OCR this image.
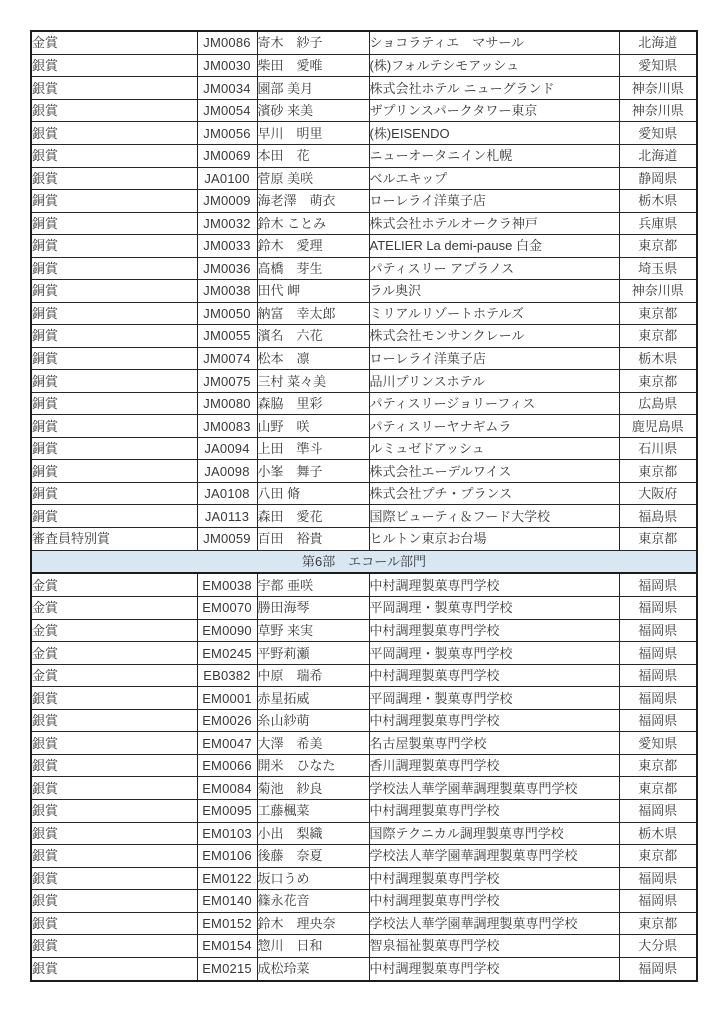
金賞	JM0086	寄木　紗子	ショコラティエ　マサール	北海道
銀賞	JM0030	柴田　愛唯	(株)フォルテシモアッシュ	愛知県
銀賞	JM0034	園部 美月	株式会社ホテル ニューグランド	神奈川県
銀賞	JM0054	濱砂 来美	ザプリンスパークタワー東京	神奈川県
銀賞	JM0056	早川　明里	(株)EISENDO	愛知県
銀賞	JM0069	本田　花	ニューオータニイン札幌	北海道
銀賞	JA0100	菅原 美咲	ベルエキップ	静岡県
銅賞	JM0009	海老澤　萌衣	ローレライ洋菓子店	栃木県
銅賞	JM0032	鈴木 ことみ	株式会社ホテルオークラ神戸	兵庫県
銅賞	JM0033	鈴木　愛理	ATELIER La demi-pause 白金	東京都
銅賞	JM0036	高橋　芽生	パティスリー アプラノス	埼玉県
銅賞	JM0038	田代 岬	ラル奥沢	神奈川県
銅賞	JM0050	納富　幸太郎	ミリアルリゾートホテルズ	東京都
銅賞	JM0055	濱名　六花	株式会社モンサンクレール	東京都
銅賞	JM0074	松本　凛	ローレライ洋菓子店	栃木県
銅賞	JM0075	三村 菜々美	品川プリンスホテル	東京都
銅賞	JM0080	森脇　里彩	パティスリージョリーフィス	広島県
銅賞	JM0083	山野　咲	パティスリーヤナギムラ	鹿児島県
銅賞	JA0094	上田　準斗	ルミュゼドアッシュ	石川県
銅賞	JA0098	小峯　舞子	株式会社エーデルワイス	東京都
銅賞	JA0108	八田 脩	株式会社プチ・プランス	大阪府
銅賞	JA0113	森田　愛花	国際ビューティ＆フード大学校	福島県
審査員特別賞	JM0059	百田　裕貴	ヒルトン東京お台場	東京都
第6部　エコール部門				
金賞	EM0038	宇都 亜咲	中村調理製菓専門学校	福岡県
金賞	EM0070	勝田海琴	平岡調理・製菓専門学校	福岡県
金賞	EM0090	草野 来実	中村調理製菓専門学校	福岡県
金賞	EM0245	平野莉瀬	平岡調理・製菓専門学校	福岡県
金賞	EB0382	中原　瑞希	中村調理製菓専門学校	福岡県
銀賞	EM0001	赤星拓威	平岡調理・製菓専門学校	福岡県
銀賞	EM0026	糸山紗萌	中村調理製菓専門学校	福岡県
銀賞	EM0047	大澤　希美	名古屋製菓専門学校	愛知県
銀賞	EM0066	開米　ひなた	香川調理製菓専門学校	東京都
銀賞	EM0084	菊池　紗良	学校法人華学園華調理製菓専門学校	東京都
銀賞	EM0095	工藤楓菜	中村調理製菓専門学校	福岡県
銀賞	EM0103	小出　梨織	国際テクニカル調理製菓専門学校	栃木県
銀賞	EM0106	後藤　奈夏	学校法人華学園華調理製菓専門学校	東京都
銀賞	EM0122	坂口うめ	中村調理製菓専門学校	福岡県
銀賞	EM0140	篠永花音	中村調理製菓専門学校	福岡県
銀賞	EM0152	鈴木　理央奈	学校法人華学園華調理製菓専門学校	東京都
銀賞	EM0154	惣川　日和	智泉福祉製菓専門学校	大分県
銀賞	EM0215	成松玲菜	中村調理製菓専門学校	福岡県
